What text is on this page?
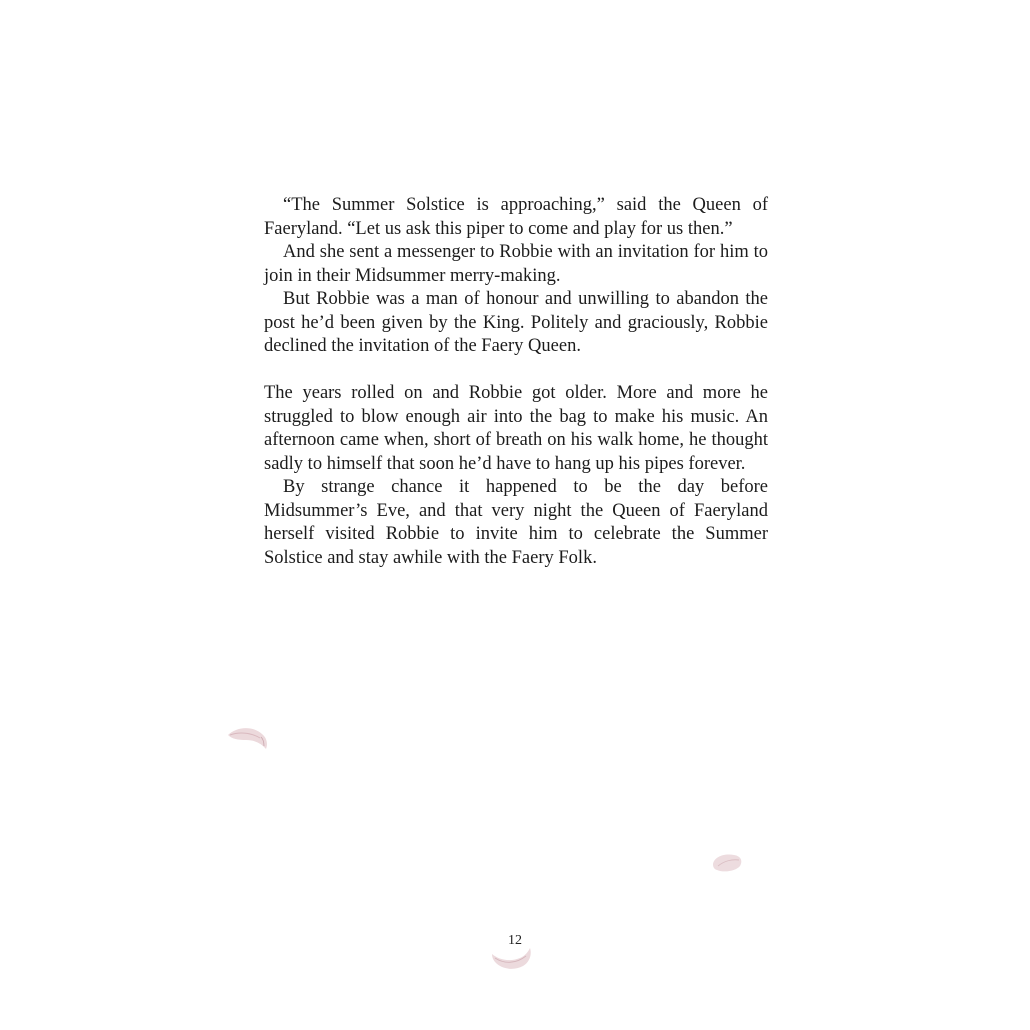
“The Summer Solstice is approaching,” said the Queen of Faeryland. “Let us ask this piper to come and play for us then.”

And she sent a messenger to Robbie with an invitation for him to join in their Midsummer merry-making.

But Robbie was a man of honour and unwilling to abandon the post he’d been given by the King. Politely and graciously, Robbie declined the invitation of the Faery Queen.

The years rolled on and Robbie got older. More and more he struggled to blow enough air into the bag to make his music. An afternoon came when, short of breath on his walk home, he thought sadly to himself that soon he’d have to hang up his pipes forever.

By strange chance it happened to be the day before Midsummer’s Eve, and that very night the Queen of Faeryland herself visited Robbie to invite him to celebrate the Summer Solstice and stay awhile with the Faery Folk.

12
